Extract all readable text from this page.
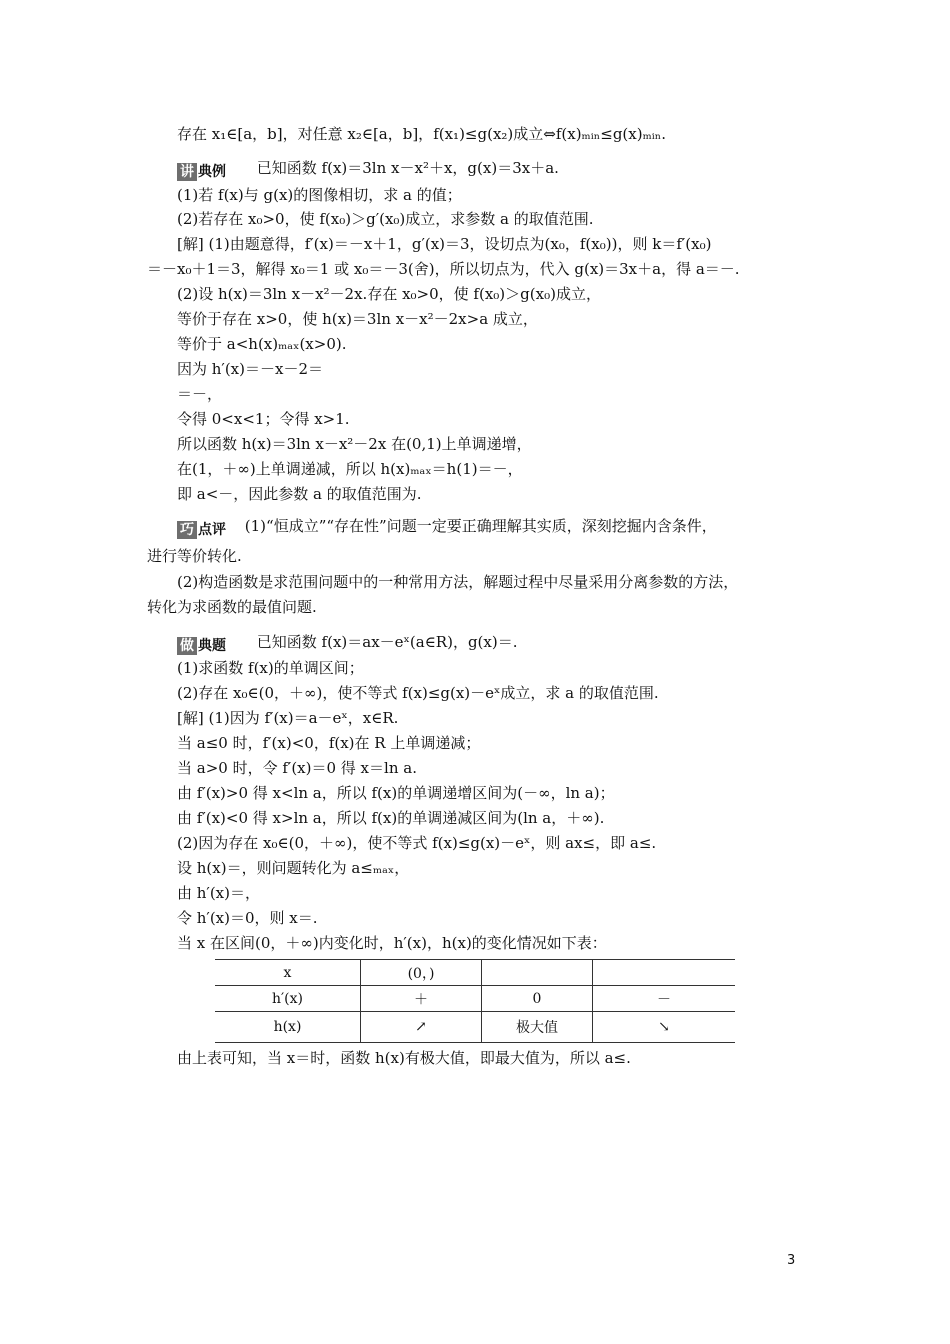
存在 x₁∈[a，b]，对任意 x₂∈[a，b]，f(x₁)≤g(x₂)成立⇔f(x)ₘᵢₙ≤g(x)ₘᵢₙ.
讲 典例 已知函数 f(x)＝3ln x－x²＋x，g(x)＝3x＋a.
(1)若 f(x)与 g(x)的图像相切，求 a 的值；
(2)若存在 x₀>0，使 f(x₀)＞g′(x₀)成立，求参数 a 的取值范围.
[解] (1)由题意得，f′(x)＝－x＋1，g′(x)＝3，设切点为(x₀，f(x₀))，则 k＝f′(x₀)
＝－x₀＋1＝3，解得 x₀＝1 或 x₀＝－3(舍)，所以切点为，代入 g(x)＝3x＋a，得 a＝－.
(2)设 h(x)＝3ln x－x²－2x.存在 x₀>0，使 f(x₀)＞g(x₀)成立，
等价于存在 x>0，使 h(x)＝3ln x－x²－2x>a 成立，
等价于 a<h(x)ₘₐₓ(x>0).
因为 h′(x)＝－x－2＝
＝－，
令得 0<x<1；令得 x>1.
所以函数 h(x)＝3ln x－x²－2x 在(0,1)上单调递增，
在(1，＋∞)上单调递减，所以 h(x)ₘₐₓ＝h(1)＝－，
即 a<－，因此参数 a 的取值范围为.
巧 点评 (1)“恒成立”“存在性”问题一定要正确理解其实质，深刻挖掘内含条件，
进行等价转化.
(2)构造函数是求范围问题中的一种常用方法，解题过程中尽量采用分离参数的方法，
转化为求函数的最值问题.
做 典题 已知函数 f(x)＝ax－eˣ(a∈R)，g(x)＝.
(1)求函数 f(x)的单调区间；
(2)存在 x₀∈(0，＋∞)，使不等式 f(x)≤g(x)－eˣ成立，求 a 的取值范围.
[解] (1)因为 f′(x)＝a－eˣ，x∈R.
当 a≤0 时，f′(x)<0，f(x)在 R 上单调递减；
当 a>0 时，令 f′(x)＝0 得 x＝ln a.
由 f′(x)>0 得 x<ln a，所以 f(x)的单调递增区间为(－∞，ln a)；
由 f′(x)<0 得 x>ln a，所以 f(x)的单调递减区间为(ln a，＋∞).
(2)因为存在 x₀∈(0，＋∞)，使不等式 f(x)≤g(x)－eˣ，则 ax≤，即 a≤.
设 h(x)＝，则问题转化为 a≤ₘₐₓ，
由 h′(x)＝，
令 h′(x)＝0，则 x＝.
当 x 在区间(0，＋∞)内变化时，h′(x)，h(x)的变化情况如下表：
x	(0，)		
h′(x)	＋	0	－
h(x)	↗	极大值	↘
由上表可知，当 x＝时，函数 h(x)有极大值，即最大值为，所以 a≤.
3
